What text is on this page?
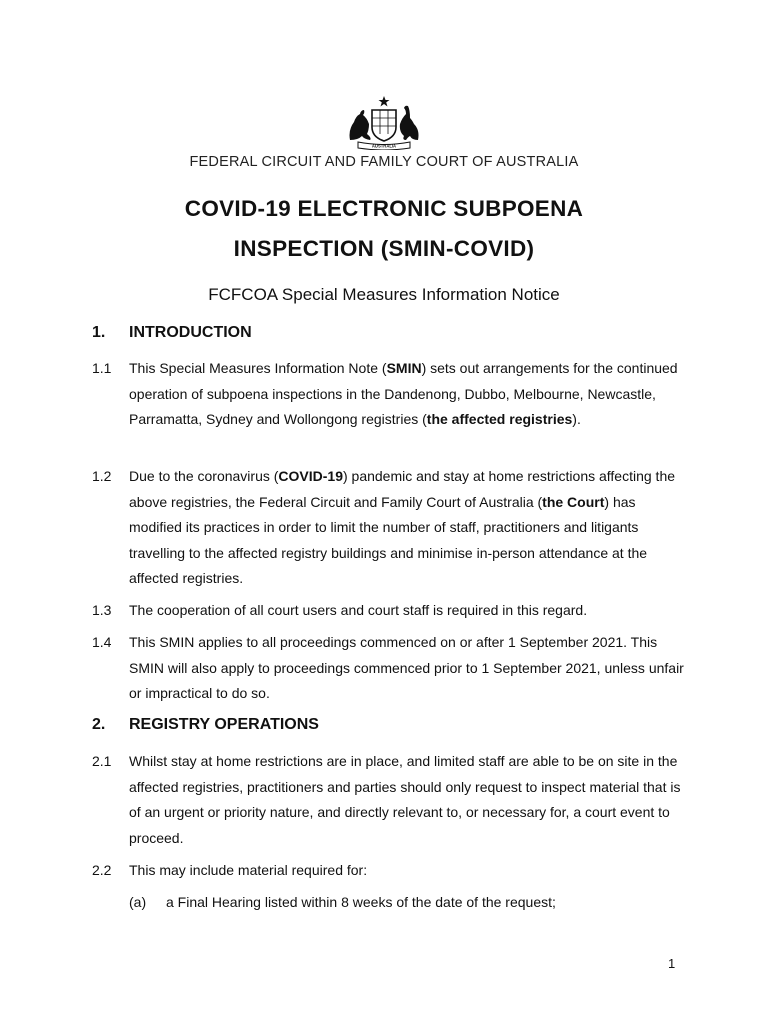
AUSTRALIA
FEDERAL CIRCUIT AND FAMILY COURT OF AUSTRALIA
COVID-19 ELECTRONIC SUBPOENA
INSPECTION (SMIN-COVID)
FCFCOA Special Measures Information Notice
1. INTRODUCTION
1.1 This Special Measures Information Note (SMIN) sets out arrangements for the continued operation of subpoena inspections in the Dandenong, Dubbo, Melbourne, Newcastle, Parramatta, Sydney and Wollongong registries (the affected registries).
1.2 Due to the coronavirus (COVID-19) pandemic and stay at home restrictions affecting the above registries, the Federal Circuit and Family Court of Australia (the Court) has modified its practices in order to limit the number of staff, practitioners and litigants travelling to the affected registry buildings and minimise in-person attendance at the affected registries.
1.3 The cooperation of all court users and court staff is required in this regard.
1.4 This SMIN applies to all proceedings commenced on or after 1 September 2021. This SMIN will also apply to proceedings commenced prior to 1 September 2021, unless unfair or impractical to do so.
2. REGISTRY OPERATIONS
2.1 Whilst stay at home restrictions are in place, and limited staff are able to be on site in the affected registries, practitioners and parties should only request to inspect material that is of an urgent or priority nature, and directly relevant to, or necessary for, a court event to proceed.
2.2 This may include material required for:
(a) a Final Hearing listed within 8 weeks of the date of the request;
1
